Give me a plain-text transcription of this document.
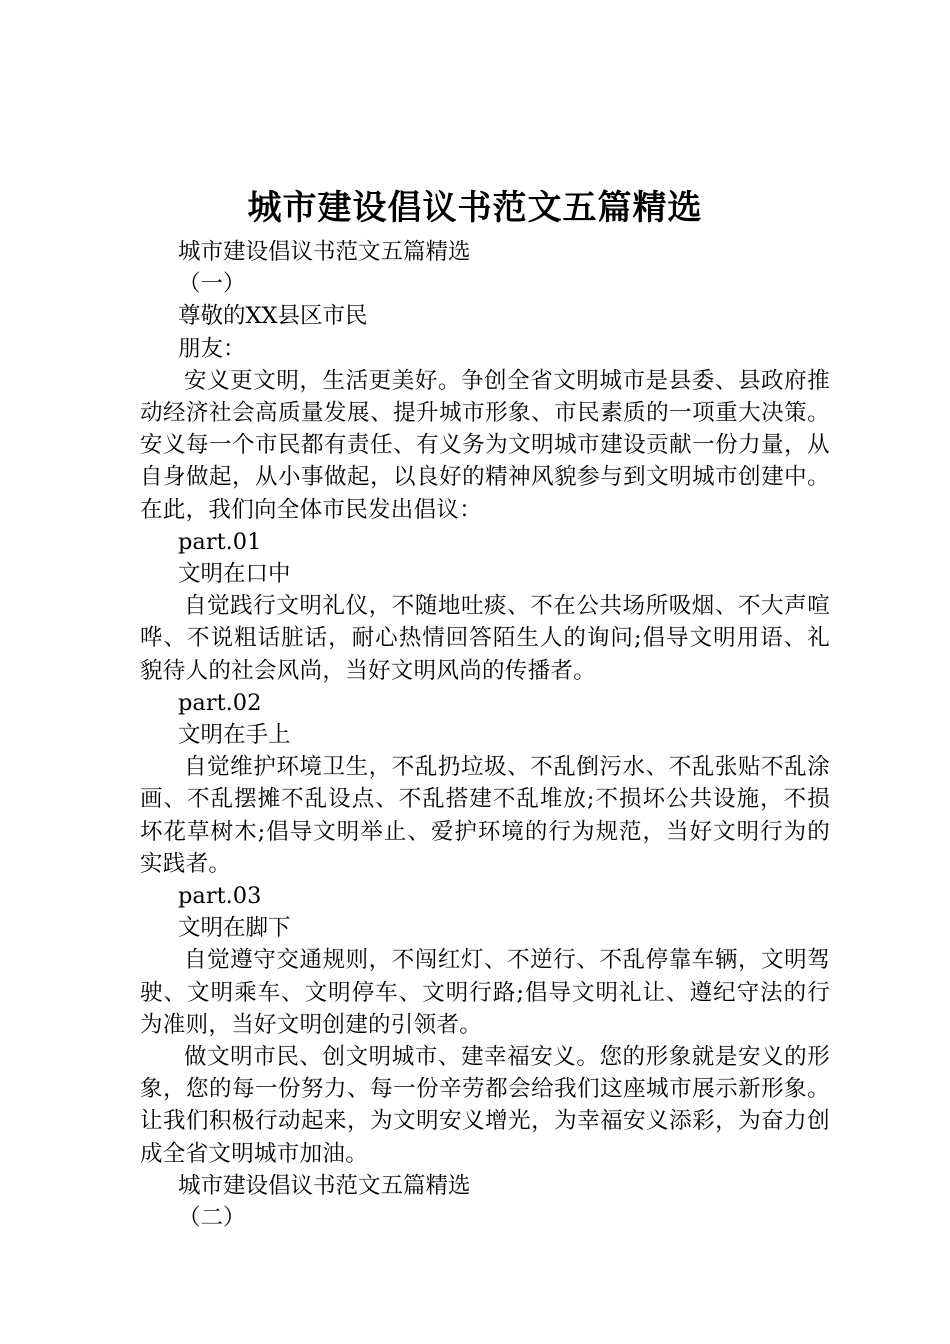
城市建设倡议书范文五篇精选

城市建设倡议书范文五篇精选

（一）

尊敬的XX县区市民

朋友：

安义更文明，生活更美好。争创全省文明城市是县委、县政府推动经济社会高质量发展、提升城市形象、市民素质的一项重大决策。安义每一个市民都有责任、有义务为文明城市建设贡献一份力量，从自身做起，从小事做起，以良好的精神风貌参与到文明城市创建中。在此，我们向全体市民发出倡议：

part.01

文明在口中

自觉践行文明礼仪，不随地吐痰、不在公共场所吸烟、不大声喧哗、不说粗话脏话，耐心热情回答陌生人的询问;倡导文明用语、礼貌待人的社会风尚，当好文明风尚的传播者。

part.02

文明在手上

自觉维护环境卫生，不乱扔垃圾、不乱倒污水、不乱张贴不乱涂画、不乱摆摊不乱设点、不乱搭建不乱堆放;不损坏公共设施，不损坏花草树木;倡导文明举止、爱护环境的行为规范，当好文明行为的实践者。

part.03

文明在脚下

自觉遵守交通规则，不闯红灯、不逆行、不乱停靠车辆，文明驾驶、文明乘车、文明停车、文明行路;倡导文明礼让、遵纪守法的行为准则，当好文明创建的引领者。

做文明市民、创文明城市、建幸福安义。您的形象就是安义的形象，您的每一份努力、每一份辛劳都会给我们这座城市展示新形象。让我们积极行动起来，为文明安义增光，为幸福安义添彩，为奋力创成全省文明城市加油。

城市建设倡议书范文五篇精选

（二）
